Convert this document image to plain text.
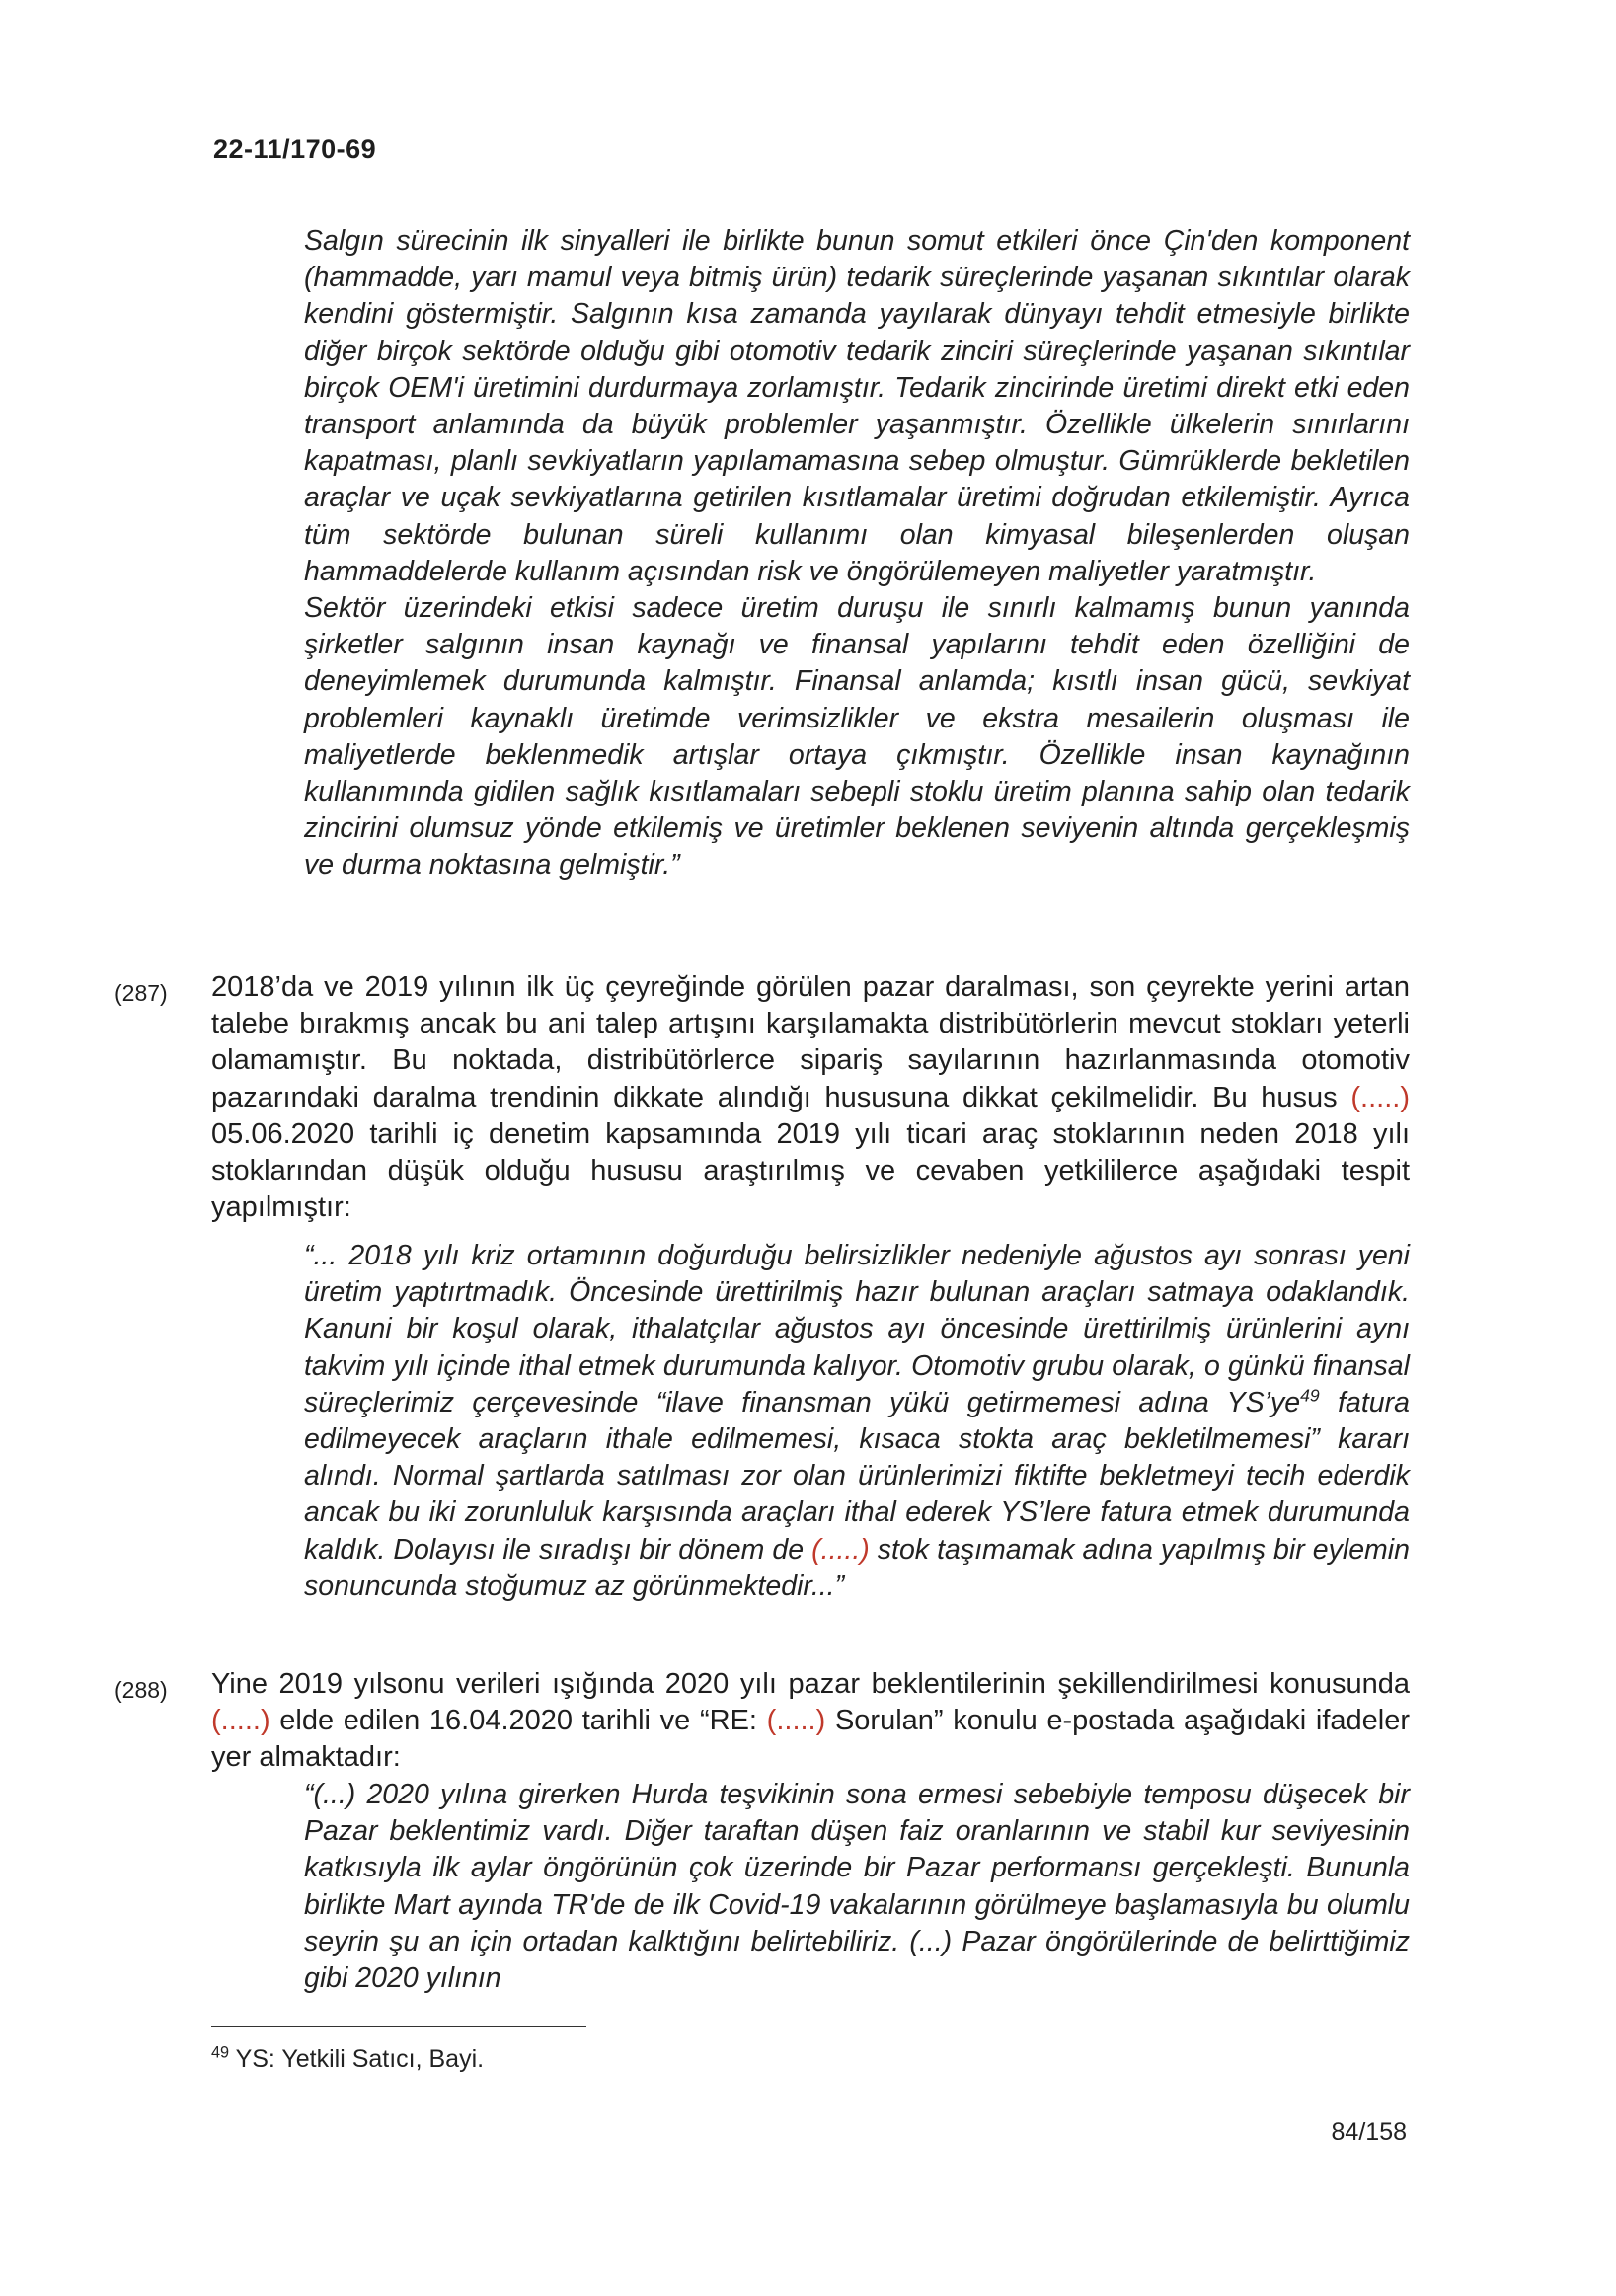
22-11/170-69

Salgın sürecinin ilk sinyalleri ile birlikte bunun somut etkileri önce Çin'den komponent (hammadde, yarı mamul veya bitmiş ürün) tedarik süreçlerinde yaşanan sıkıntılar olarak kendini göstermiştir. Salgının kısa zamanda yayılarak dünyayı tehdit etmesiyle birlikte diğer birçok sektörde olduğu gibi otomotiv tedarik zinciri süreçlerinde yaşanan sıkıntılar birçok OEM'i üretimini durdurmaya zorlamıştır. Tedarik zincirinde üretimi direkt etki eden transport anlamında da büyük problemler yaşanmıştır. Özellikle ülkelerin sınırlarını kapatması, planlı sevkiyatların yapılamamasına sebep olmuştur. Gümrüklerde bekletilen araçlar ve uçak sevkiyatlarına getirilen kısıtlamalar üretimi doğrudan etkilemiştir. Ayrıca tüm sektörde bulunan süreli kullanımı olan kimyasal bileşenlerden oluşan hammaddelerde kullanım açısından risk ve öngörülemeyen maliyetler yaratmıştır.

Sektör üzerindeki etkisi sadece üretim duruşu ile sınırlı kalmamış bunun yanında şirketler salgının insan kaynağı ve finansal yapılarını tehdit eden özelliğini de deneyimlemek durumunda kalmıştır. Finansal anlamda; kısıtlı insan gücü, sevkiyat problemleri kaynaklı üretimde verimsizlikler ve ekstra mesailerin oluşması ile maliyetlerde beklenmedik artışlar ortaya çıkmıştır. Özellikle insan kaynağının kullanımında gidilen sağlık kısıtlamaları sebepli stoklu üretim planına sahip olan tedarik zincirini olumsuz yönde etkilemiş ve üretimler beklenen seviyenin altında gerçekleşmiş ve durma noktasına gelmiştir.”

(287) 2018’da ve 2019 yılının ilk üç çeyreğinde görülen pazar daralması, son çeyrekte yerini artan talebe bırakmış ancak bu ani talep artışını karşılamakta distribütörlerin mevcut stokları yeterli olamamıştır. Bu noktada, distribütörlerce sipariş sayılarının hazırlanmasında otomotiv pazarındaki daralma trendinin dikkate alındığı hususuna dikkat çekilmelidir. Bu husus (.....) 05.06.2020 tarihli iç denetim kapsamında 2019 yılı ticari araç stoklarının neden 2018 yılı stoklarından düşük olduğu hususu araştırılmış ve cevaben yetkililerce aşağıdaki tespit yapılmıştır:

“... 2018 yılı kriz ortamının doğurduğu belirsizlikler nedeniyle ağustos ayı sonrası yeni üretim yaptırtmadık. Öncesinde ürettirilmiş hazır bulunan araçları satmaya odaklandık. Kanuni bir koşul olarak, ithalatçılar ağustos ayı öncesinde ürettirilmiş ürünlerini aynı takvim yılı içinde ithal etmek durumunda kalıyor. Otomotiv grubu olarak, o günkü finansal süreçlerimiz çerçevesinde “ilave finansman yükü getirmemesi adına $YS’ye^{49}$ fatura edilmeyecek araçların ithale edilmemesi, kısaca stokta araç bekletilmemesi” kararı alındı. Normal şartlarda satılması zor olan ürünlerimizi fiktifte bekletmeyi tecih ederdik ancak bu iki zorunluluk karşısında araçları ithal ederek YS’lere fatura etmek durumunda kaldık. Dolayısı ile sıradışı bir dönem de (.....) stok taşımamak adına yapılmış bir eylemin sonuncunda stoğumuz az görünmektedir...”

(288) Yine 2019 yılsonu verileri ışığında 2020 yılı pazar beklentilerinin şekillendirilmesi konusunda (.....) elde edilen 16.04.2020 tarihli ve “RE: (.....) Sorulan” konulu e-postada aşağıdaki ifadeler yer almaktadır:

“(...) 2020 yılına girerken Hurda teşvikinin sona ermesi sebebiyle temposu düşecek bir Pazar beklentimiz vardı. Diğer taraftan düşen faiz oranlarının ve stabil kur seviyesinin katkısıyla ilk aylar öngörünün çok üzerinde bir Pazar performansı gerçekleşti. Bununla birlikte Mart ayında TR'de de ilk Covid-19 vakalarının görülmeye başlamasıyla bu olumlu seyrin şu an için ortadan kalktığını belirtebiliriz. (...) Pazar öngörülerinde de belirttiğimiz gibi 2020 yılının

$^{49}$ YS: Yetkili Satıcı, Bayi.
84/158
